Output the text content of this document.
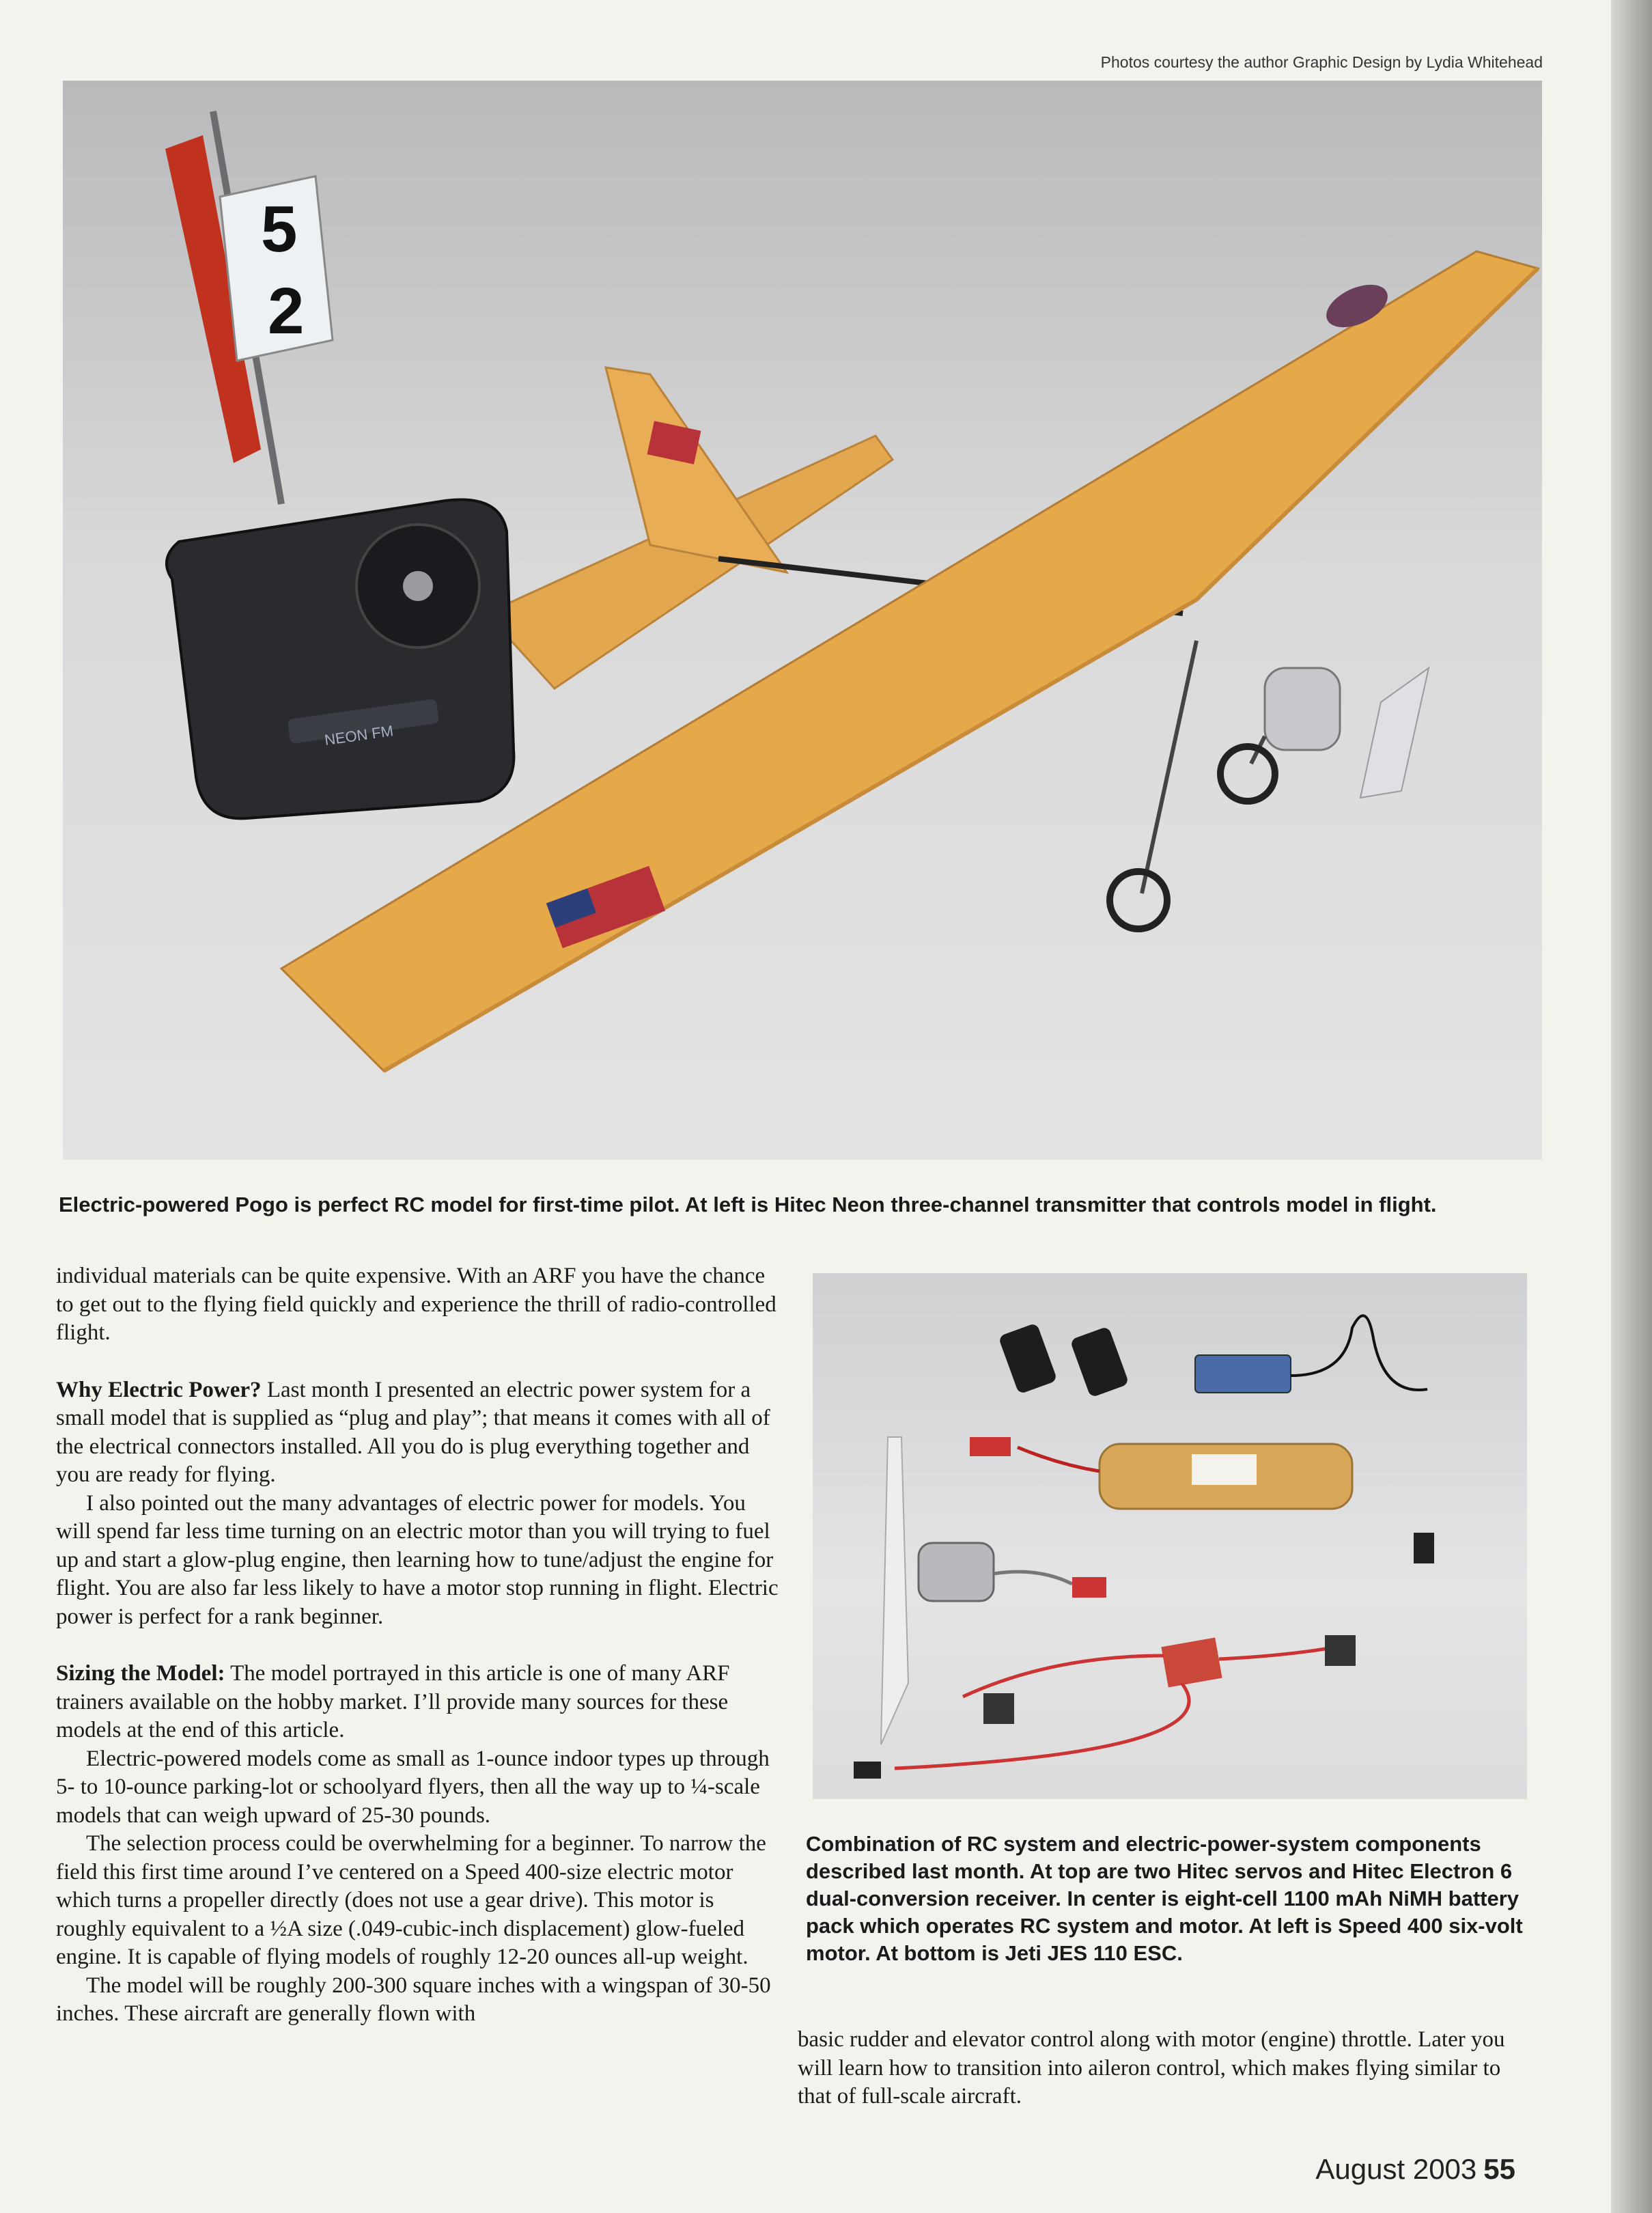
Photos courtesy the author Graphic Design by Lydia Whitehead
5
2
NEON FM
Electric-powered Pogo is perfect RC model for first-time pilot. At left is Hitec Neon three-channel transmitter that controls model in flight.

individual materials can be quite expensive. With an ARF you have the chance to get out to the flying field quickly and experience the thrill of radio-controlled flight.

Why Electric Power? Last month I presented an electric power system for a small model that is supplied as “plug and play”; that means it comes with all of the electrical connectors installed. All you do is plug everything together and you are ready for flying.

I also pointed out the many advantages of electric power for models. You will spend far less time turning on an electric motor than you will trying to fuel up and start a glow-plug engine, then learning how to tune/adjust the engine for flight. You are also far less likely to have a motor stop running in flight. Electric power is perfect for a rank beginner.

Sizing the Model: The model portrayed in this article is one of many ARF trainers available on the hobby market. I’ll provide many sources for these models at the end of this article.

Electric-powered models come as small as 1-ounce indoor types up through 5- to 10-ounce parking-lot or schoolyard flyers, then all the way up to ¼-scale models that can weigh upward of 25-30 pounds.

The selection process could be overwhelming for a beginner. To narrow the field this first time around I’ve centered on a Speed 400-size electric motor which turns a propeller directly (does not use a gear drive). This motor is roughly equivalent to a ½A size (.049-cubic-inch displacement) glow-fueled engine. It is capable of flying models of roughly 12-20 ounces all-up weight.

The model will be roughly 200-300 square inches with a wingspan of 30-50 inches. These aircraft are generally flown with

Combination of RC system and electric-power-system components described last month. At top are two Hitec servos and Hitec Electron 6 dual-conversion receiver. In center is eight-cell 1100 mAh NiMH battery pack which operates RC system and motor. At left is Speed 400 six-volt motor. At bottom is Jeti JES 110 ESC.

basic rudder and elevator control along with motor (engine) throttle. Later you will learn how to transition into aileron control, which makes flying similar to that of full-scale aircraft.

August 2003 55
